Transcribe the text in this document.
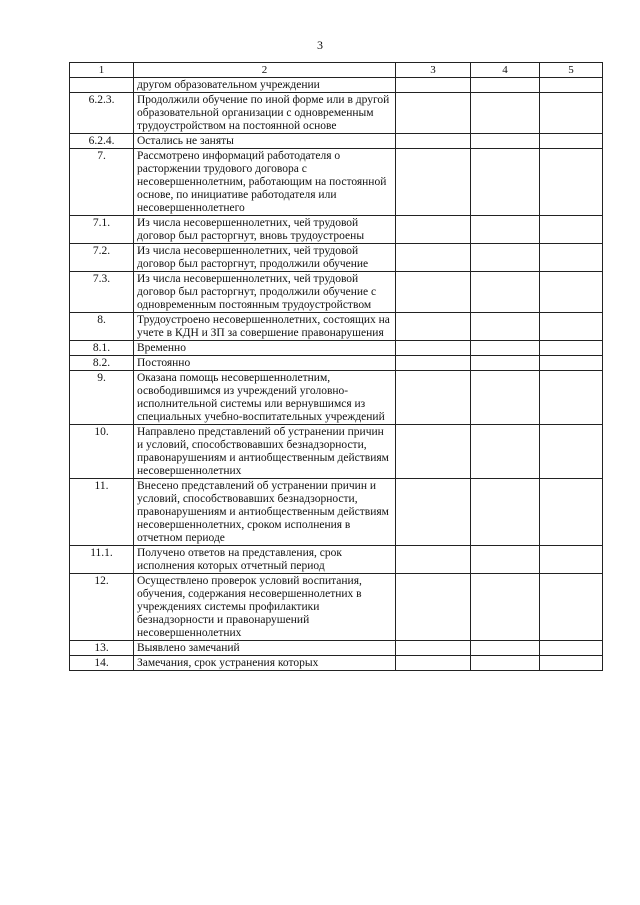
3
1	2	3	4	5
	другом образовательном учреждении			
6.2.3.	Продолжили обучение по иной форме или в другой образовательной организации с одновременным трудоустройством на постоянной основе			
6.2.4.	Остались не заняты			
7.	Рассмотрено информаций работодателя о расторжении трудового договора с несовершеннолетним, работающим на постоянной основе, по инициативе работодателя или несовершеннолетнего			
7.1.	Из числа несовершеннолетних, чей трудовой договор был расторгнут, вновь трудоустроены			
7.2.	Из числа несовершеннолетних, чей трудовой договор был расторгнут, продолжили обучение			
7.3.	Из числа несовершеннолетних, чей трудовой договор был расторгнут, продолжили обучение с одновременным постоянным трудоустройством			
8.	Трудоустроено несовершеннолетних, состоящих на учете в КДН и ЗП за совершение правонарушения			
8.1.	Временно			
8.2.	Постоянно			
9.	Оказана помощь несовершеннолетним, освободившимся из учреждений уголовно-исполнительной системы или вернувшимся из специальных учебно-воспитательных учреждений			
10.	Направлено представлений об устранении причин и условий, способствовавших безнадзорности, правонарушениям и антиобщественным действиям несовершеннолетних			
11.	Внесено представлений об устранении причин и условий, способствовавших безнадзорности, правонарушениям и антиобщественным действиям несовершеннолетних, сроком исполнения в отчетном периоде			
11.1.	Получено ответов на представления, срок исполнения которых отчетный период			
12.	Осуществлено проверок условий воспитания, обучения, содержания несовершеннолетних в учреждениях системы профилактики безнадзорности и правонарушений несовершеннолетних			
13.	Выявлено замечаний			
14.	Замечания, срок устранения которых			
